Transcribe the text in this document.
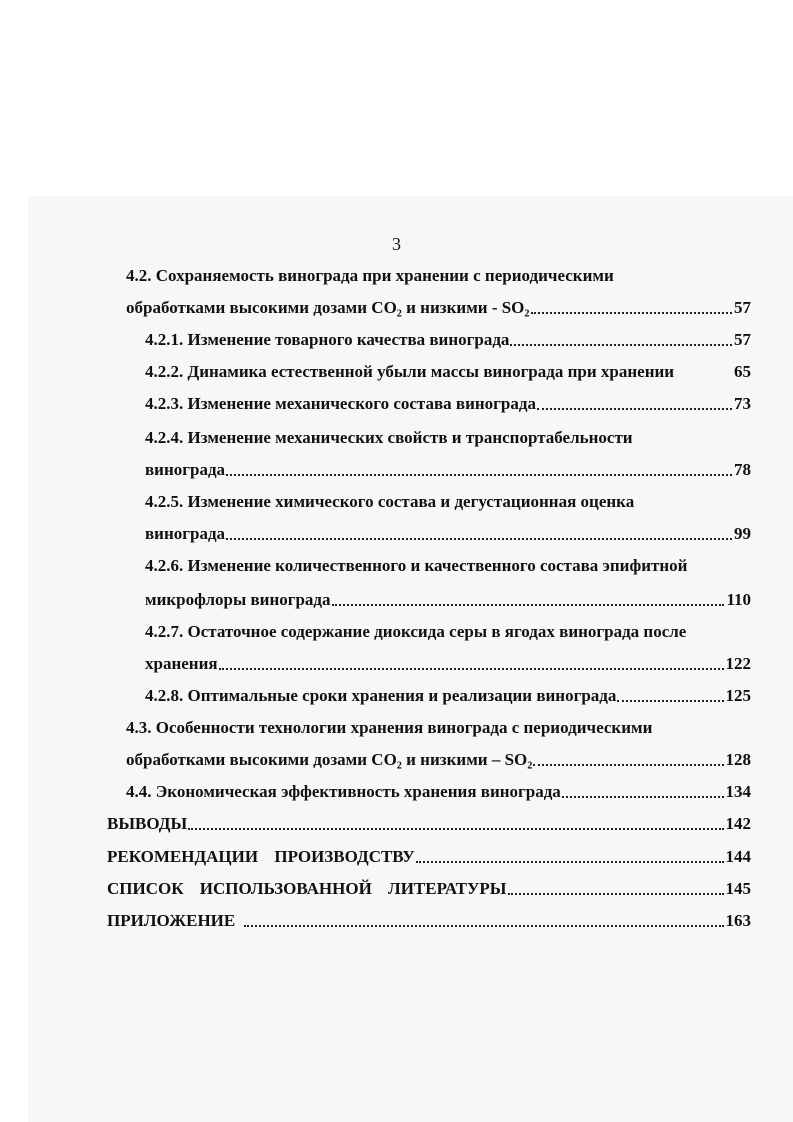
3
4.2. Сохраняемость винограда при хранении с периодическими
обработками высокими дозами CO₂ и низкими - SO₂	57
4.2.1. Изменение товарного качества винограда	57
4.2.2. Динамика естественной убыли массы винограда при хранении	65
4.2.3. Изменение механического состава винограда	73
4.2.4. Изменение механических свойств и транспортабельности
винограда	78
4.2.5. Изменение химического состава и дегустационная оценка
винограда	99
4.2.6. Изменение количественного и качественного состава эпифитной
микрофлоры винограда	110
4.2.7. Остаточное содержание диоксида серы в ягодах винограда после
хранения	122
4.2.8. Оптимальные сроки хранения и реализации винограда	125
4.3. Особенности технологии хранения винограда с периодическими
обработками высокими дозами CO₂ и низкими – SO₂	128
4.4. Экономическая эффективность хранения винограда	134
ВЫВОДЫ	142
РЕКОМЕНДАЦИИ ПРОИЗВОДСТВУ	144
СПИСОК ИСПОЛЬЗОВАННОЙ ЛИТЕРАТУРЫ	145
ПРИЛОЖЕНИЕ	163
